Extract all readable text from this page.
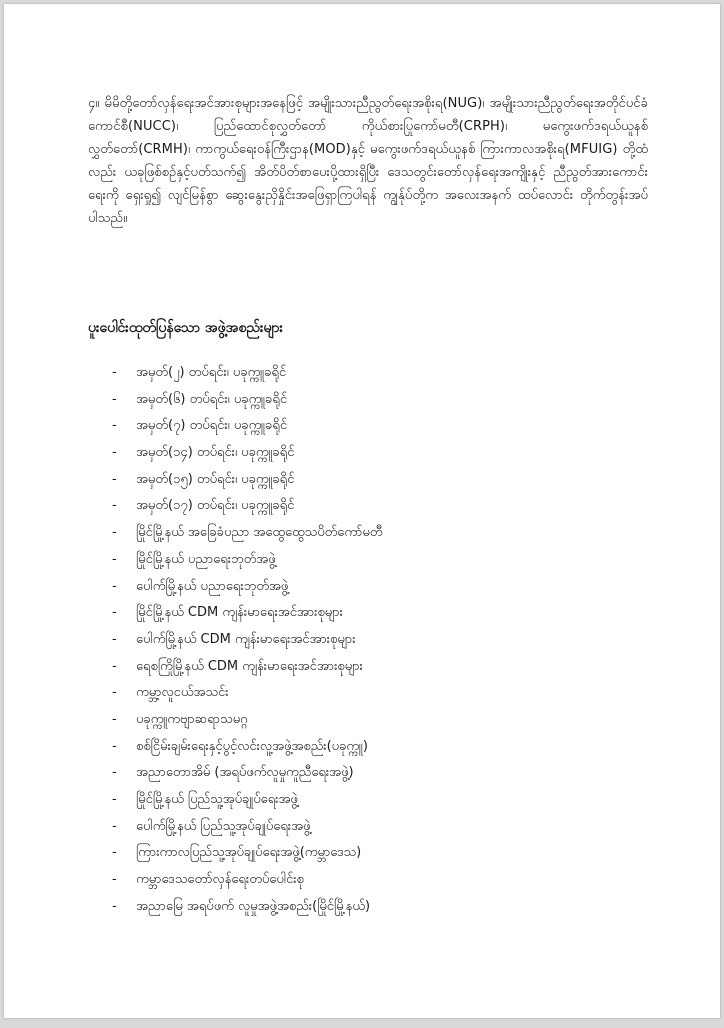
၄။ မိမိတို့တော်လှန်ရေးအင်အားစုများအနေဖြင့် အမျိုးသားညီညွတ်ရေးအစိုးရ(NUG)၊ အမျိုးသားညီညွတ်ရေးအတိုင်ပင်ခံကောင်စီ(NUCC)၊ ပြည်ထောင်စုလွှတ်တော် ကိုယ်စားပြုကော်မတီ(CRPH)၊ မကွေးဖက်ဒရယ်ယူနစ်လွှတ်တော်(CRMH)၊ ကာကွယ်ရေးဝန်ကြီးဌာန(MOD)နှင့် မကွေးဖက်ဒရယ်ယူနစ် ကြားကာလအစိုးရ(MFUIG) တို့ထံလည်း ယခုဖြစ်စဉ်နှင့်ပတ်သက်၍ အိတ်ပိတ်စာပေးပို့ထားရှိပြီး ဒေသတွင်းတော်လှန်ရေးအကျိုးနှင့် ညီညွတ်အားကောင်းရေးကို ရှေးရှု၍ လျင်မြန်စွာ ဆွေးနွေးညှိနှိုင်းအဖြေရှာကြပါရန် ကျွန်ုပ်တို့က အလေးအနက် ထပ်လောင်း တိုက်တွန်းအပ်ပါသည်။

ပူးပေါင်းထုတ်ပြန်သော အဖွဲ့အစည်းများ
- အမှတ်(၂) တပ်ရင်း၊ ပခုက္ကူခရိုင်
- အမှတ်(၆) တပ်ရင်း၊ ပခုက္ကူခရိုင်
- အမှတ်(၇) တပ်ရင်း၊ ပခုက္ကူခရိုင်
- အမှတ်(၁၄) တပ်ရင်း၊ ပခုက္ကူခရိုင်
- အမှတ်(၁၅) တပ်ရင်း၊ ပခုက္ကူခရိုင်
- အမှတ်(၁၇) တပ်ရင်း၊ ပခုက္ကူခရိုင်
- မြိုင်မြို့နယ် အခြေခံပညာ အထွေထွေသပိတ်ကော်မတီ
- မြိုင်မြို့နယ် ပညာရေးဘုတ်အဖွဲ့
- ပေါက်မြို့နယ် ပညာရေးဘုတ်အဖွဲ့
- မြိုင်မြို့နယ် CDM ကျန်းမာရေးအင်အားစုများ
- ပေါက်မြို့နယ် CDM ကျန်းမာရေးအင်အားစုများ
- ရေစကြိုမြို့နယ် CDM ကျန်းမာရေးအင်အားစုများ
- ကမ္ဘာ့လူငယ်အသင်း
- ပခုက္ကူကဗျာဆရာသမဂ္ဂ
- စစ်ငြိမ်းချမ်းရေးနှင့်ပွင့်လင်းလူ့အဖွဲ့အစည်း(ပခုက္ကူ)
- အညာတောအိမ် (အရပ်ဖက်လူမှုကူညီရေးအဖွဲ့)
- မြိုင်မြို့နယ် ပြည်သူ့အုပ်ချုပ်ရေးအဖွဲ့
- ပေါက်မြို့နယ် ပြည်သူ့အုပ်ချုပ်ရေးအဖွဲ့
- ကြားကာလပြည်သူ့အုပ်ချုပ်ရေးအဖွဲ့(ကမ္ဘာဒေသ)
- ကမ္ဘာဒေသတော်လှန်ရေးတပ်ပေါင်းစု
- အညာမြေ အရပ်ဖက် လူမှုအဖွဲ့အစည်း(မြိုင်မြို့နယ်)
